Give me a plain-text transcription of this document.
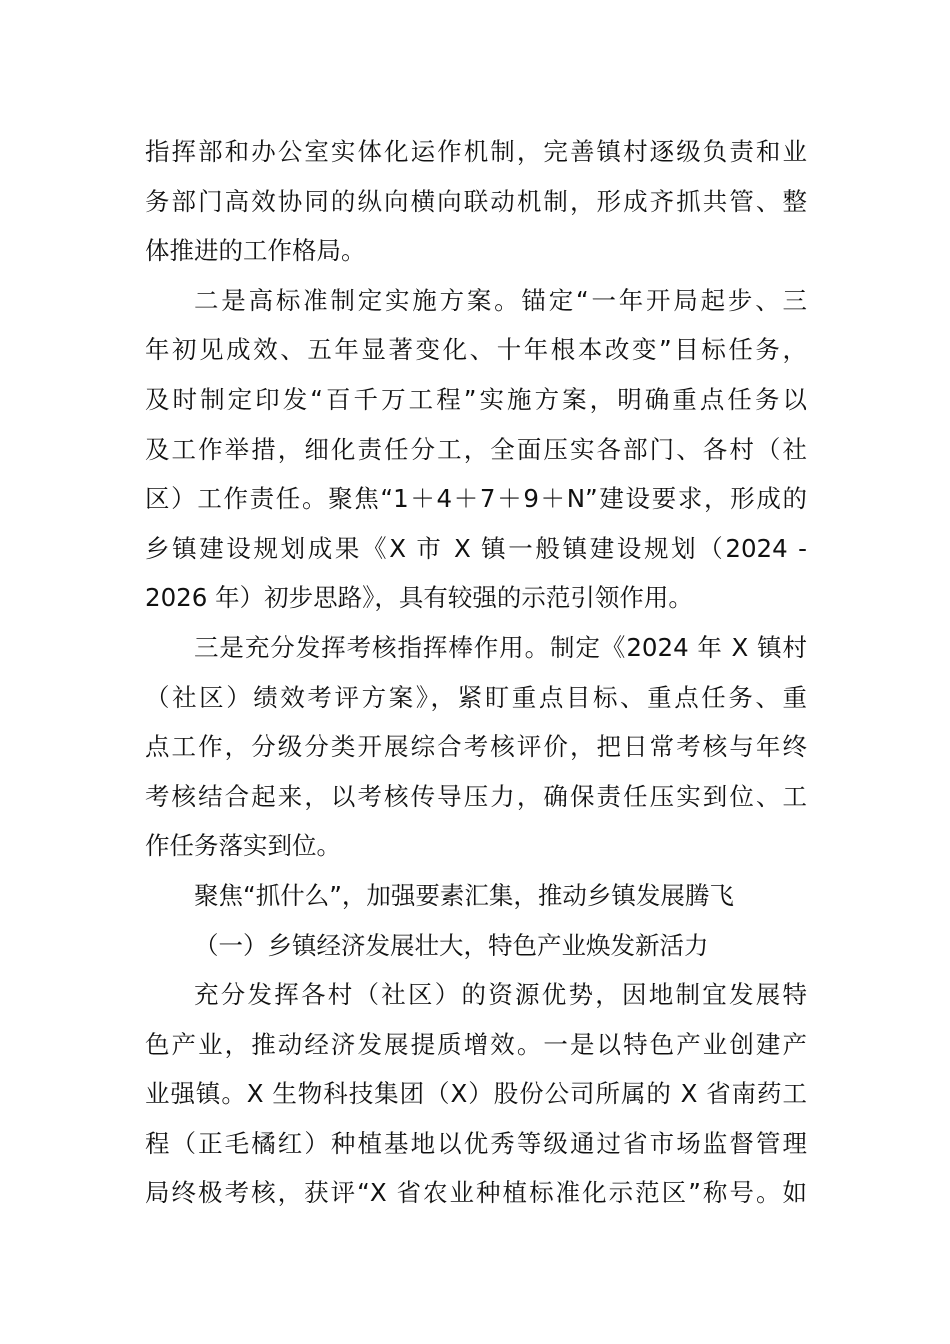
指挥部和办公室实体化运作机制，完善镇村逐级负责和业
务部门高效协同的纵向横向联动机制，形成齐抓共管、整
体推进的工作格局。
二是高标准制定实施方案。锚定“一年开局起步、三
年初见成效、五年显著变化、十年根本改变”目标任务，
及时制定印发“百千万工程”实施方案，明确重点任务以
及工作举措，细化责任分工，全面压实各部门、各村（社
区）工作责任。聚焦“1＋4＋7＋9＋N”建设要求，形成的
乡镇建设规划成果《X 市 X 镇一般镇建设规划（2024 -
2026 年）初步思路》，具有较强的示范引领作用。
三是充分发挥考核指挥棒作用。制定《2024 年 X 镇村
（社区）绩效考评方案》，紧盯重点目标、重点任务、重
点工作，分级分类开展综合考核评价，把日常考核与年终
考核结合起来，以考核传导压力，确保责任压实到位、工
作任务落实到位。
聚焦“抓什么”，加强要素汇集，推动乡镇发展腾飞
（一）乡镇经济发展壮大，特色产业焕发新活力
充分发挥各村（社区）的资源优势，因地制宜发展特
色产业，推动经济发展提质增效。一是以特色产业创建产
业强镇。X 生物科技集团（X）股份公司所属的 X 省南药工
程（正毛橘红）种植基地以优秀等级通过省市场监督管理
局终极考核，获评“X 省农业种植标准化示范区”称号。如
